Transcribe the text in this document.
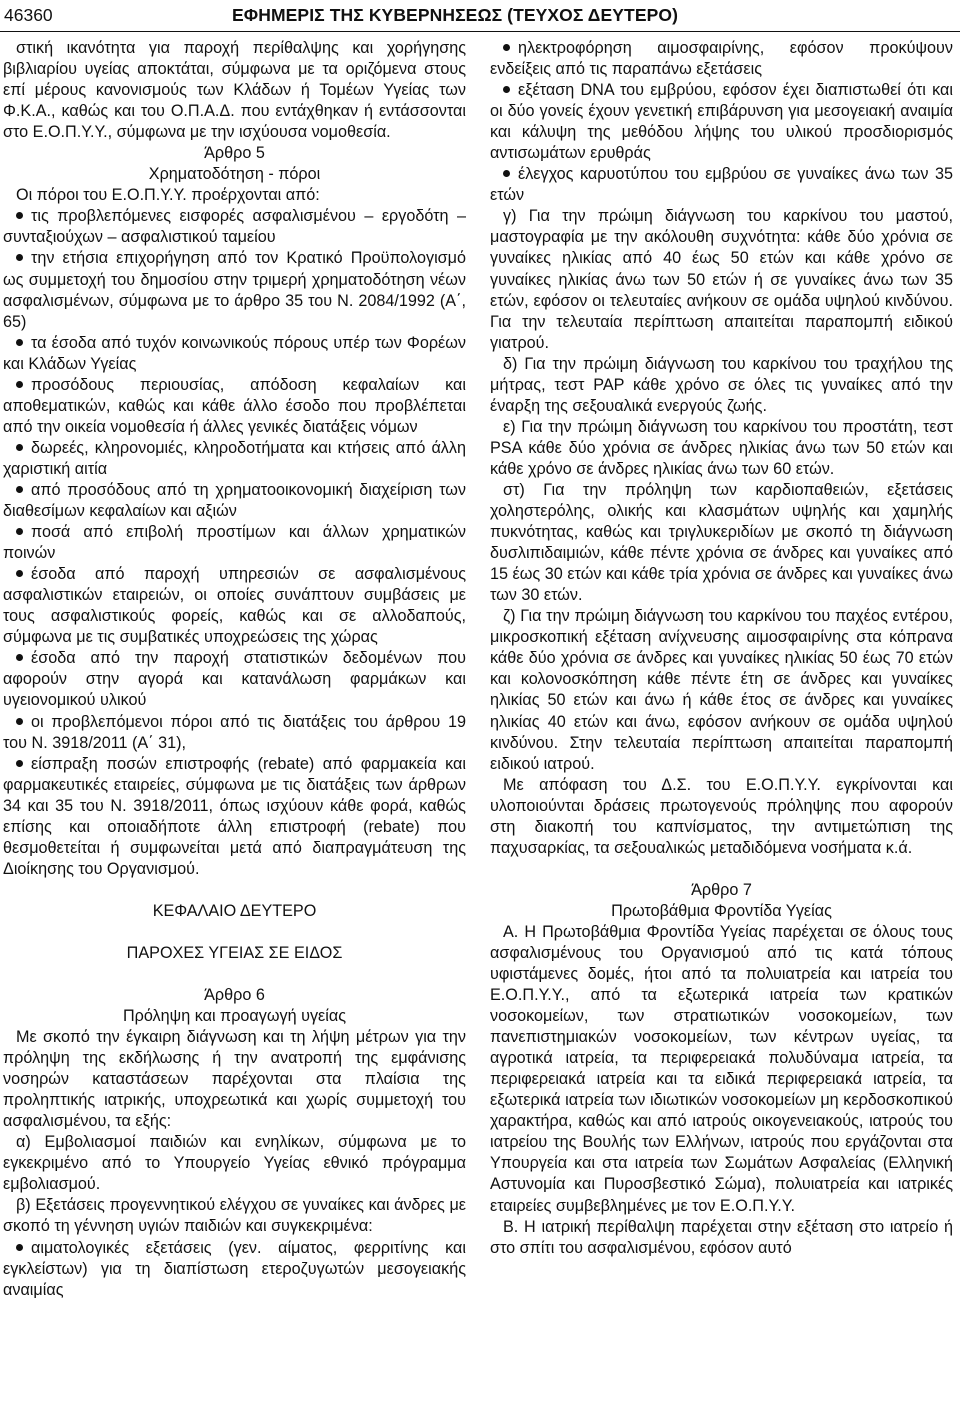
46360	ΕΦΗΜΕΡΙΣ ΤΗΣ ΚΥΒΕΡΝΗΣΕΩΣ (ΤΕΥΧΟΣ ΔΕΥΤΕΡΟ)

στική ικανότητα για παροχή περίθαλψης και χορήγησης βιβλιαρίου υγείας αποκτάται, σύμφωνα με τα οριζόμενα στους επί μέρους κανονισμούς των Κλάδων ή Τομέων Υγείας των Φ.Κ.Α., καθώς και του Ο.Π.Α.Δ. που εντάχθηκαν ή εντάσσονται στο Ε.Ο.Π.Υ.Υ., σύμφωνα με την ισχύουσα νομοθεσία.

Άρθρο 5

Χρηματοδότηση - πόροι

Οι πόροι του Ε.Ο.Π.Υ.Υ. προέρχονται από:

τις προβλεπόμενες εισφορές ασφαλισμένου – εργοδότη – συνταξιούχων – ασφαλιστικού ταμείου

την ετήσια επιχορήγηση από τον Κρατικό Προϋπολογισμό ως συμμετοχή του δημοσίου στην τριμερή χρηματοδότηση νέων ασφαλισμένων, σύμφωνα με το άρθρο 35 του Ν. 2084/1992 (Α΄, 65)

τα έσοδα από τυχόν κοινωνικούς πόρους υπέρ των Φορέων και Κλάδων Υγείας

προσόδους περιουσίας, απόδοση κεφαλαίων και αποθεματικών, καθώς και κάθε άλλο έσοδο που προβλέπεται από την οικεία νομοθεσία ή άλλες γενικές διατάξεις νόμων

δωρεές, κληρονομιές, κληροδοτήματα και κτήσεις από άλλη χαριστική αιτία

από προσόδους από τη χρηματοοικονομική διαχείριση των διαθεσίμων κεφαλαίων και αξιών

ποσά από επιβολή προστίμων και άλλων χρηματικών ποινών

έσοδα από παροχή υπηρεσιών σε ασφαλισμένους ασφαλιστικών εταιρειών, οι οποίες συνάπτουν συμβάσεις με τους ασφαλιστικούς φορείς, καθώς και σε αλλοδαπούς, σύμφωνα με τις συμβατικές υποχρεώσεις της χώρας

έσοδα από την παροχή στατιστικών δεδομένων που αφορούν στην αγορά και κατανάλωση φαρμάκων και υγειονομικού υλικού

οι προβλεπόμενοι πόροι από τις διατάξεις του άρθρου 19 του Ν. 3918/2011 (Α΄ 31),

είσπραξη ποσών επιστροφής (rebate) από φαρμακεία και φαρμακευτικές εταιρείες, σύμφωνα με τις διατάξεις των άρθρων 34 και 35 του Ν. 3918/2011, όπως ισχύουν κάθε φορά, καθώς επίσης και οποιαδήποτε άλλη επιστροφή (rebate) που θεσμοθετείται ή συμφωνείται μετά από διαπραγμάτευση της Διοίκησης του Οργανισμού.

ΚΕΦΑΛΑΙΟ ΔΕΥΤΕΡΟ

ΠΑΡΟΧΕΣ ΥΓΕΙΑΣ ΣΕ ΕΙΔΟΣ

Άρθρο 6

Πρόληψη και προαγωγή υγείας

Με σκοπό την έγκαιρη διάγνωση και τη λήψη μέτρων για την πρόληψη της εκδήλωσης ή την ανατροπή της εμφάνισης νοσηρών καταστάσεων παρέχονται στα πλαίσια της προληπτικής ιατρικής, υποχρεωτικά και χωρίς συμμετοχή του ασφαλισμένου, τα εξής:

α) Εμβολιασμοί παιδιών και ενηλίκων, σύμφωνα με το εγκεκριμένο από το Υπουργείο Υγείας εθνικό πρόγραμμα εμβολιασμού.

β) Εξετάσεις προγεννητικού ελέγχου σε γυναίκες και άνδρες με σκοπό τη γέννηση υγιών παιδιών και συγκεκριμένα:

αιματολογικές εξετάσεις (γεν. αίματος, φερριτίνης και εγκλείστων) για τη διαπίστωση ετεροζυγωτών μεσογειακής αναιμίας

ηλεκτροφόρηση αιμοσφαιρίνης, εφόσον προκύψουν ενδείξεις από τις παραπάνω εξετάσεις

εξέταση DNA του εμβρύου, εφόσον έχει διαπιστωθεί ότι και οι δύο γονείς έχουν γενετική επιβάρυνση για μεσογειακή αναιμία και κάλυψη της μεθόδου λήψης του υλικού προσδιορισμός αντισωμάτων ερυθράς

έλεγχος καρυοτύπου του εμβρύου σε γυναίκες άνω των 35 ετών

γ) Για την πρώιμη διάγνωση του καρκίνου του μαστού, μαστογραφία με την ακόλουθη συχνότητα: κάθε δύο χρόνια σε γυναίκες ηλικίας από 40 έως 50 ετών και κάθε χρόνο σε γυναίκες ηλικίας άνω των 50 ετών ή σε γυναίκες άνω των 35 ετών, εφόσον οι τελευταίες ανήκουν σε ομάδα υψηλού κινδύνου. Για την τελευταία περίπτωση απαιτείται παραπομπή ειδικού γιατρού.

δ) Για την πρώιμη διάγνωση του καρκίνου του τραχήλου της μήτρας, τεστ PAP κάθε χρόνο σε όλες τις γυναίκες από την έναρξη της σεξουαλικά ενεργούς ζωής.

ε) Για την πρώιμη διάγνωση του καρκίνου του προστάτη, τεστ PSA κάθε δύο χρόνια σε άνδρες ηλικίας άνω των 50 ετών και κάθε χρόνο σε άνδρες ηλικίας άνω των 60 ετών.

στ) Για την πρόληψη των καρδιοπαθειών, εξετάσεις χοληστερόλης, ολικής και κλασμάτων υψηλής και χαμηλής πυκνότητας, καθώς και τριγλυκεριδίων με σκοπό τη διάγνωση δυσλιπιδαιμιών, κάθε πέντε χρόνια σε άνδρες και γυναίκες από 15 έως 30 ετών και κάθε τρία χρόνια σε άνδρες και γυναίκες άνω των 30 ετών.

ζ) Για την πρώιμη διάγνωση του καρκίνου του παχέος εντέρου, μικροσκοπική εξέταση ανίχνευσης αιμοσφαιρίνης στα κόπρανα κάθε δύο χρόνια σε άνδρες και γυναίκες ηλικίας 50 έως 70 ετών και κολονοσκόπηση κάθε πέντε έτη σε άνδρες και γυναίκες ηλικίας 50 ετών και άνω ή κάθε έτος σε άνδρες και γυναίκες ηλικίας 40 ετών και άνω, εφόσον ανήκουν σε ομάδα υψηλού κινδύνου. Στην τελευταία περίπτωση απαιτείται παραπομπή ειδικού ιατρού.

Με απόφαση του Δ.Σ. του Ε.Ο.Π.Υ.Υ. εγκρίνονται και υλοποιούνται δράσεις πρωτογενούς πρόληψης που αφορούν στη διακοπή του καπνίσματος, την αντιμετώπιση της παχυσαρκίας, τα σεξουαλικώς μεταδιδόμενα νοσήματα κ.ά.

Άρθρο 7

Πρωτοβάθμια Φροντίδα Υγείας

Α. Η Πρωτοβάθμια Φροντίδα Υγείας παρέχεται σε όλους τους ασφαλισμένους του Οργανισμού από τις κατά τόπους υφιστάμενες δομές, ήτοι από τα πολυιατρεία και ιατρεία του Ε.Ο.Π.Υ.Υ., από τα εξωτερικά ιατρεία των κρατικών νοσοκομείων, των στρατιωτικών νοσοκομείων, των πανεπιστημιακών νοσοκομείων, των κέντρων υγείας, τα αγροτικά ιατρεία, τα περιφερειακά πολυδύναμα ιατρεία, τα περιφερειακά ιατρεία και τα ειδικά περιφερειακά ιατρεία, τα εξωτερικά ιατρεία των ιδιωτικών νοσοκομείων μη κερδοσκοπικού χαρακτήρα, καθώς και από ιατρούς οικογενειακούς, ιατρούς του ιατρείου της Βουλής των Ελλήνων, ιατρούς που εργάζονται στα Υπουργεία και στα ιατρεία των Σωμάτων Ασφαλείας (Ελληνική Αστυνομία και Πυροσβεστικό Σώμα), πολυιατρεία και ιατρικές εταιρείες συμβεβλημένες με τον Ε.Ο.Π.Υ.Υ.

Β. Η ιατρική περίθαλψη παρέχεται στην εξέταση στο ιατρείο ή στο σπίτι του ασφαλισμένου, εφόσον αυτό
